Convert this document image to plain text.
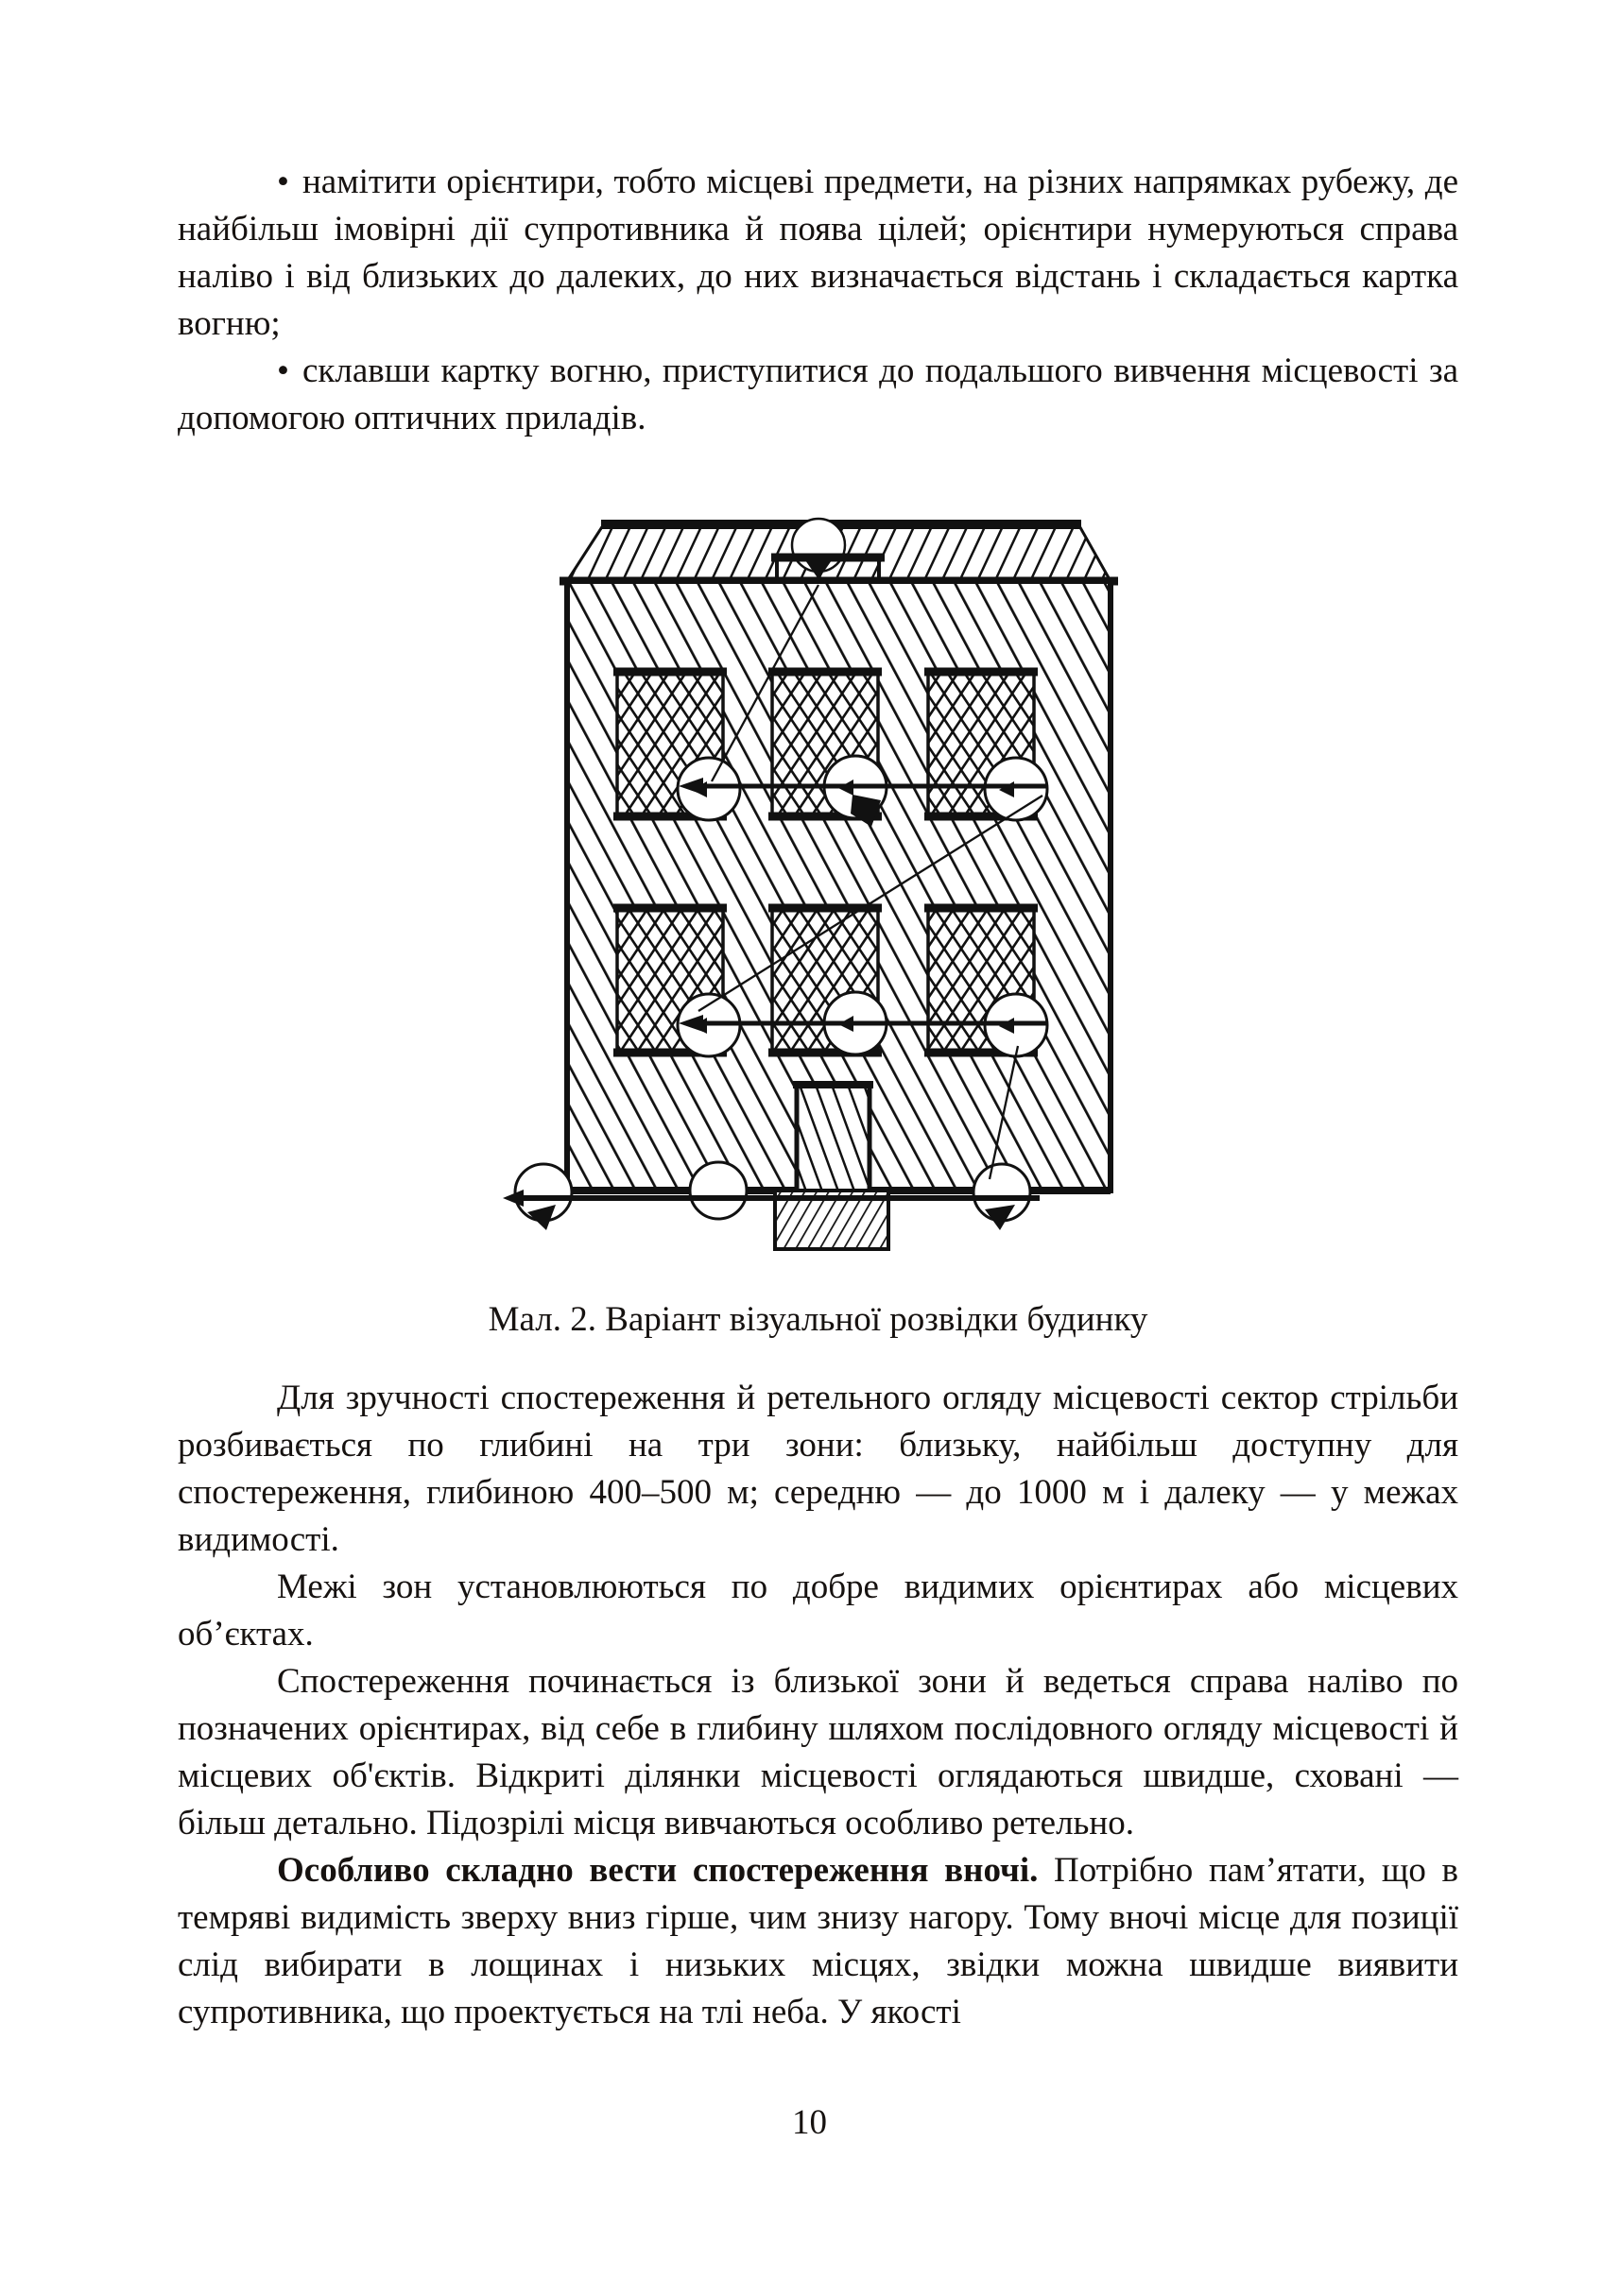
• намітити орієнтири, тобто місцеві предмети, на різних напрямках рубежу, де найбільш імовірні дії супротивника й поява цілей; орієнтири нумеруються справа наліво і від близьких до далеких, до них визначається відстань і складається картка вогню;

• склавши картку вогню, приступитися до подальшого вивчення місцевості за допомогою оптичних приладів.

Мал. 2. Варіант візуальної розвідки будинку

Для зручності спостереження й ретельного огляду місцевості сектор стрільби розбивається по глибині на три зони: близьку, найбільш доступну для спостереження, глибиною 400–500 м; середню — до 1000 м і далеку — у межах видимості.

Межі зон установлюються по добре видимих орієнтирах або місцевих об’єктах.

Спостереження починається із близької зони й ведеться справа наліво по позначених орієнтирах, від себе в глибину шляхом послідовного огляду місцевості й місцевих об'єктів. Відкриті ділянки місцевості оглядаються швидше, сховані — більш детально. Підозрілі місця вивчаються особливо ретельно.

Особливо складно вести спостереження вночі. Потрібно пам’ятати, що в темряві видимість зверху вниз гірше, чим знизу нагору. Тому вночі місце для позиції слід вибирати в лощинах і низьких місцях, звідки можна швидше виявити супротивника, що проектується на тлі неба. У якості

10
